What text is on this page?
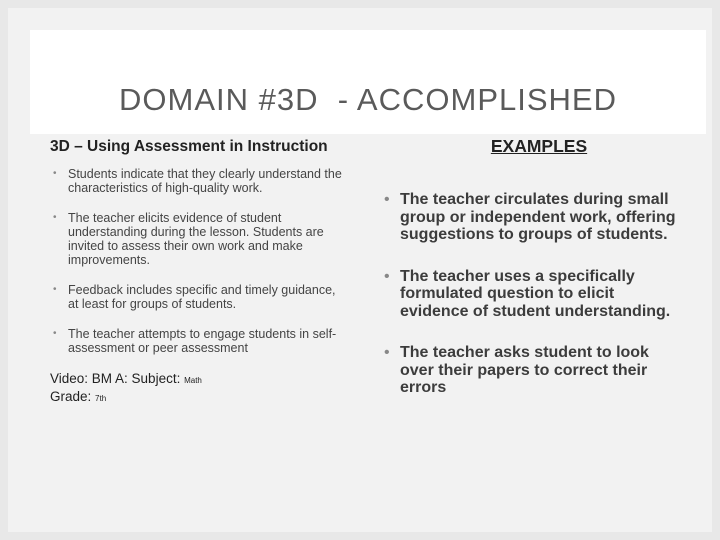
DOMAIN #3D  - ACCOMPLISHED
3D – Using Assessment in Instruction
• Students indicate that they clearly understand the characteristics of high-quality work.
• The teacher elicits evidence of student understanding during the lesson. Students are invited to assess their own work and make improvements.
• Feedback includes specific and timely guidance, at least for groups of students.
• The teacher attempts to engage students in self-assessment or peer assessment
Video: BM A: Subject: Math
Grade: 7th
EXAMPLES
• The teacher circulates during small group or independent work, offering suggestions to groups of students.
• The teacher uses a specifically formulated question to elicit evidence of student understanding.
• The teacher asks student to look over their papers to correct their errors
